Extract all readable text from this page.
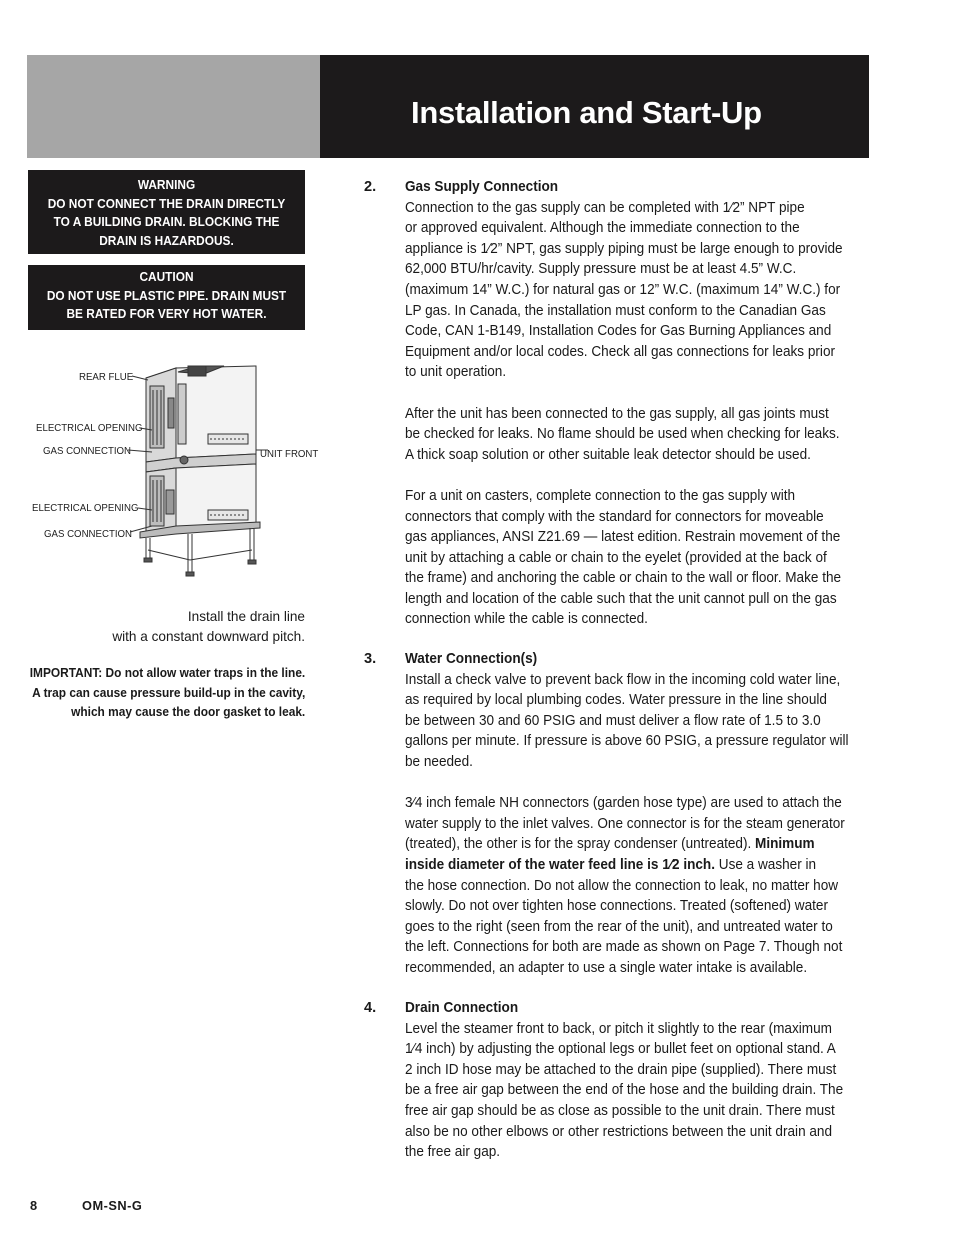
Installation and Start-Up
WARNING
DO NOT CONNECT THE DRAIN DIRECTLY
TO A BUILDING DRAIN. BLOCKING THE
DRAIN IS HAZARDOUS.
CAUTION
DO NOT USE PLASTIC PIPE. DRAIN MUST
BE RATED FOR VERY HOT WATER.
REAR FLUE
ELECTRICAL OPENING
GAS CONNECTION	UNIT FRONT
ELECTRICAL OPENING
GAS CONNECTION
Install the drain line
with a constant downward pitch.
IMPORTANT: Do not allow water traps in the line.
A trap can cause pressure build-up in the cavity,
which may cause the door gasket to leak.
2. Gas Supply Connection
Connection to the gas supply can be completed with 1⁄2” NPT pipe
or approved equivalent. Although the immediate connection to the
appliance is 1⁄2” NPT, gas supply piping must be large enough to provide
62,000 BTU/hr/cavity. Supply pressure must be at least 4.5” W.C.
(maximum 14” W.C.) for natural gas or 12” W.C. (maximum 14” W.C.) for
LP gas. In Canada, the installation must conform to the Canadian Gas
Code, CAN 1-B149, Installation Codes for Gas Burning Appliances and
Equipment and/or local codes. Check all gas connections for leaks prior
to unit operation.
After the unit has been connected to the gas supply, all gas joints must
be checked for leaks. No flame should be used when checking for leaks.
A thick soap solution or other suitable leak detector should be used.
For a unit on casters, complete connection to the gas supply with
connectors that comply with the standard for connectors for moveable
gas appliances, ANSI Z21.69 — latest edition. Restrain movement of the
unit by attaching a cable or chain to the eyelet (provided at the back of
the frame) and anchoring the cable or chain to the wall or floor. Make the
length and location of the cable such that the unit cannot pull on the gas
connection while the cable is connected.
3. Water Connection(s)
Install a check valve to prevent back flow in the incoming cold water line,
as required by local plumbing codes. Water pressure in the line should
be between 30 and 60 PSIG and must deliver a flow rate of 1.5 to 3.0
gallons per minute. If pressure is above 60 PSIG, a pressure regulator will
be needed.
3⁄4 inch female NH connectors (garden hose type) are used to attach the
water supply to the inlet valves. One connector is for the steam generator
(treated), the other is for the spray condenser (untreated). Minimum
inside diameter of the water feed line is 1⁄2 inch. Use a washer in
the hose connection. Do not allow the connection to leak, no matter how
slowly. Do not over tighten hose connections. Treated (softened) water
goes to the right (seen from the rear of the unit), and untreated water to
the left. Connections for both are made as shown on Page 7. Though not
recommended, an adapter to use a single water intake is available.
4. Drain Connection
Level the steamer front to back, or pitch it slightly to the rear (maximum
1⁄4 inch) by adjusting the optional legs or bullet feet on optional stand. A
2 inch ID hose may be attached to the drain pipe (supplied). There must
be a free air gap between the end of the hose and the building drain. The
free air gap should be as close as possible to the unit drain. There must
also be no other elbows or other restrictions between the unit drain and
the free air gap.
8	OM-SN-G
